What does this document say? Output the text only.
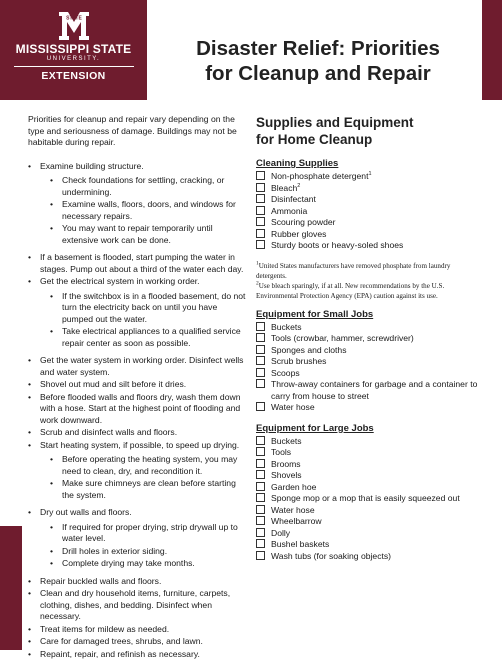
STATE
MISSISSIPPI STATE
UNIVERSITY.
EXTENSION
Disaster Relief: Priorities
for Cleanup and Repair

Priorities for cleanup and repair vary depending on the type and seriousness of damage. Buildings may not be habitable during repair.

• Examine building structure.
• Check foundations for settling, cracking, or undermining.
• Examine walls, floors, doors, and windows for necessary repairs.
• You may want to repair temporarily until extensive work can be done.
• If a basement is flooded, start pumping the water in stages. Pump out about a third of the water each day.
• Get the electrical system in working order.
• If the switchbox is in a flooded basement, do not turn the electricity back on until you have pumped out the water.
• Take electrical appliances to a qualified service repair center as soon as possible.
• Get the water system in working order. Disinfect wells and water system.
• Shovel out mud and silt before it dries.
• Before flooded walls and floors dry, wash them down with a hose. Start at the highest point of flooding and work downward.
• Scrub and disinfect walls and floors.
• Start heating system, if possible, to speed up drying.
• Before operating the heating system, you may need to clean, dry, and recondition it.
• Make sure chimneys are clean before starting the system.
• Dry out walls and floors.
• If required for proper drying, strip drywall up to water level.
• Drill holes in exterior siding.
• Complete drying may take months.
• Repair buckled walls and floors.
• Clean and dry household items, furniture, carpets, clothing, dishes, and bedding. Disinfect when necessary.
• Treat items for mildew as needed.
• Care for damaged trees, shrubs, and lawn.
• Repaint, repair, and refinish as necessary.
Supplies and Equipment
for Home Cleanup
Cleaning Supplies
Non-phosphate detergent$^1$
Bleach$^2$
Disinfectant
Ammonia
Scouring powder
Rubber gloves
Sturdy boots or heavy-soled shoes

$^1$United States manufacturers have removed phosphate from laundry detergents.

$^2$Use bleach sparingly, if at all. New recommendations by the U.S. Environmental Protection Agency (EPA) caution against its use.

Equipment for Small Jobs
Buckets
Tools (crowbar, hammer, screwdriver)
Sponges and cloths
Scrub brushes
Scoops
Throw-away containers for garbage and a container to carry from house to street
Water hose
Equipment for Large Jobs
Buckets
Tools
Brooms
Shovels
Garden hoe
Sponge mop or a mop that is easily squeezed out
Water hose
Wheelbarrow
Dolly
Bushel baskets
Wash tubs (for soaking objects)
